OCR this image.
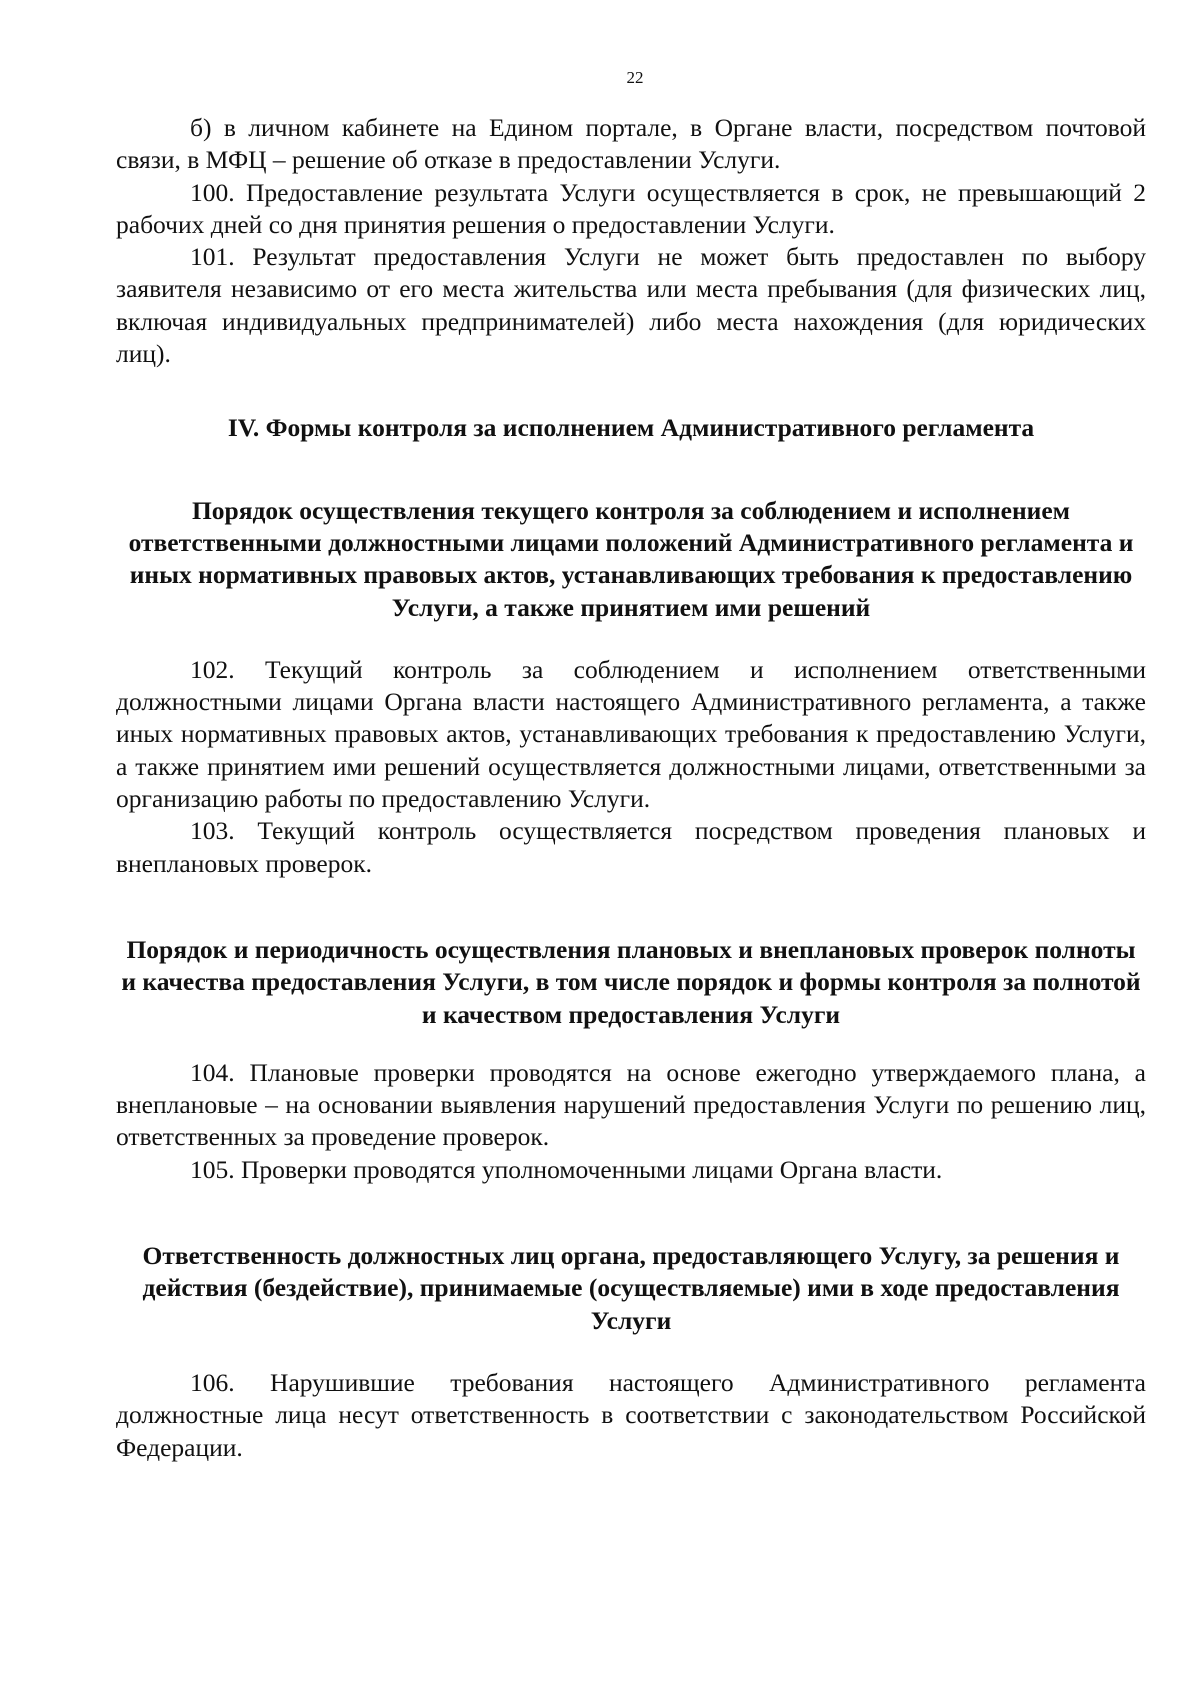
22

б) в личном кабинете на Едином портале, в Органе власти, посредством почтовой связи, в МФЦ – решение об отказе в предоставлении Услуги.

100. Предоставление результата Услуги осуществляется в срок, не превышающий 2 рабочих дней со дня принятия решения о предоставлении Услуги.

101. Результат предоставления Услуги не может быть предоставлен по выбору заявителя независимо от его места жительства или места пребывания (для физических лиц, включая индивидуальных предпринимателей) либо места нахождения (для юридических лиц).

IV. Формы контроля за исполнением Административного регламента

Порядок осуществления текущего контроля за соблюдением и исполнением ответственными должностными лицами положений Административного регламента и иных нормативных правовых актов, устанавливающих требования к предоставлению Услуги, а также принятием ими решений

102. Текущий контроль за соблюдением и исполнением ответственными должностными лицами Органа власти настоящего Административного регламента, а также иных нормативных правовых актов, устанавливающих требования к предоставлению Услуги, а также принятием ими решений осуществляется должностными лицами, ответственными за организацию работы по предоставлению Услуги.

103. Текущий контроль осуществляется посредством проведения плановых и внеплановых проверок.

Порядок и периодичность осуществления плановых и внеплановых проверок полноты и качества предоставления Услуги, в том числе порядок и формы контроля за полнотой и качеством предоставления Услуги

104. Плановые проверки проводятся на основе ежегодно утверждаемого плана, а внеплановые – на основании выявления нарушений предоставления Услуги по решению лиц, ответственных за проведение проверок.

105. Проверки проводятся уполномоченными лицами Органа власти.

Ответственность должностных лиц органа, предоставляющего Услугу, за решения и действия (бездействие), принимаемые (осуществляемые) ими в ходе предоставления Услуги

106. Нарушившие требования настоящего Административного регламента должностные лица несут ответственность в соответствии с законодательством Российской Федерации.
